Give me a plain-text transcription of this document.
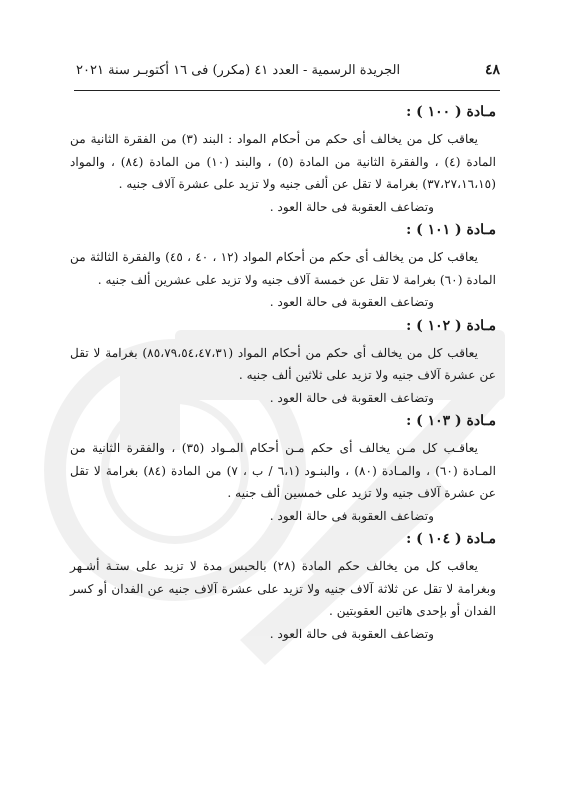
٤٨
الجريدة الرسمية - العدد ٤١ (مكرر) فى ١٦ أكتوبـر سنة ٢٠٢١
مـادة ( ١٠٠ ) :

يعاقب كل من يخالف أى حكم من أحكام المواد : البند (٣) من الفقرة الثانية من المادة (٤) ، والفقرة الثانية من المادة (٥) ، والبند (١٠) من المادة (٨٤) ، والمواد (٣٧،٢٧،١٦،١٥) بغرامة لا تقل عن ألفى جنيه ولا تزيد على عشرة آلاف جنيه .

وتضاعف العقوبة فى حالة العود .

مـادة ( ١٠١ ) :

يعاقب كل من يخالف أى حكم من أحكام المواد (١٢ ، ٤٠ ، ٤٥) والفقرة الثالثة من المادة (٦٠) بغرامة لا تقل عن خمسة آلاف جنيه ولا تزيد على عشرين ألف جنيه .

وتضاعف العقوبة فى حالة العود .

مـادة ( ١٠٢ ) :

يعاقب كل من يخالف أى حكم من أحكام المواد (٨٥،٧٩،٥٤،٤٧،٣١) بغرامة لا تقل عن عشرة آلاف جنيه ولا تزيد على ثلاثين ألف جنيه .

وتضاعف العقوبة فى حالة العود .

مـادة ( ١٠٣ ) :

يعاقـب كل مـن يخالف أى حكم مـن أحكام المـواد (٣٥) ، والفقرة الثانية من المـادة (٦٠) ، والمـادة (٨٠) ، والبنـود (٦،١ / ب ، ٧) من المادة (٨٤) بغرامة لا تقل عن عشرة آلاف جنيه ولا تزيد على خمسين ألف جنيه .

وتضاعف العقوبة فى حالة العود .

مـادة ( ١٠٤ ) :

يعاقب كل من يخالف حكم المادة (٢٨) بالحبس مدة لا تزيد على ستـة أشـهر وبغرامة لا تقل عن ثلاثة آلاف جنيه ولا تزيد على عشرة آلاف جنيه عن الفدان أو كسر الفدان أو بإحدى هاتين العقوبتين .

وتضاعف العقوبة فى حالة العود .
